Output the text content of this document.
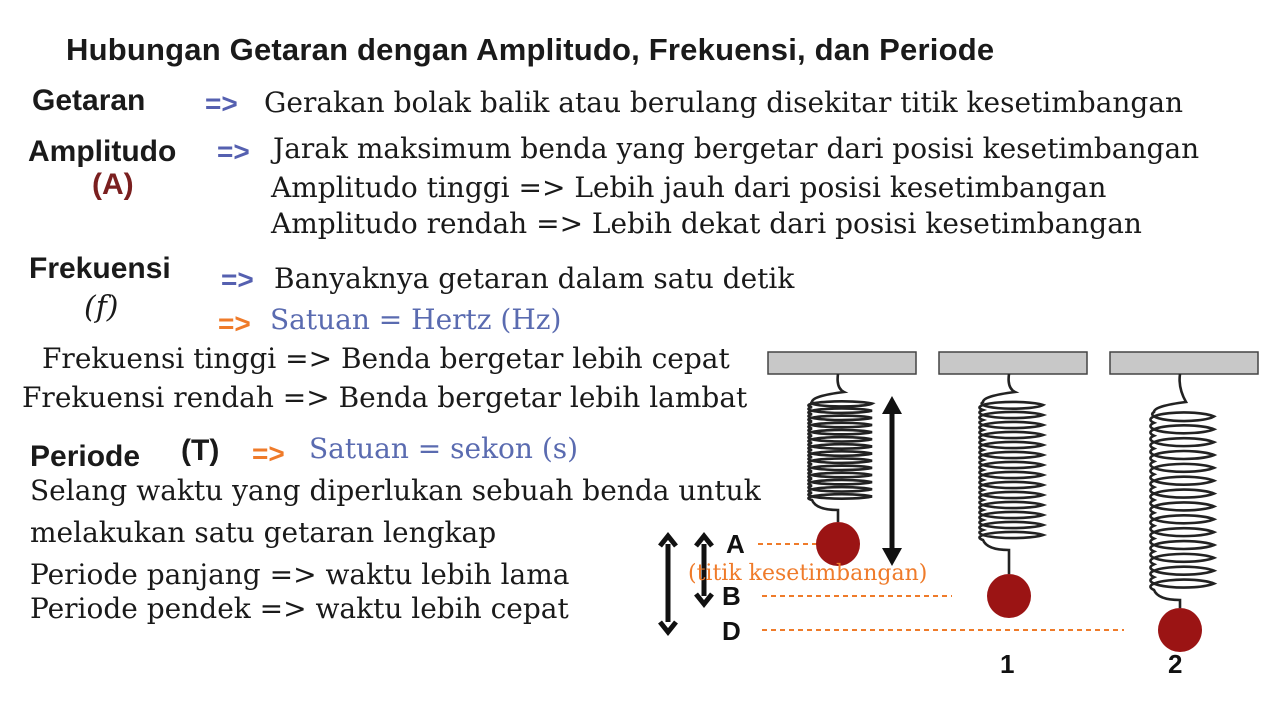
Hubungan Getaran dengan Amplitudo, Frekuensi, dan Periode
Getaran => Gerakan bolak balik atau berulang disekitar titik kesetimbangan
Amplitudo
(A)
=> Jarak maksimum benda yang bergetar dari posisi kesetimbangan
Amplitudo tinggi => Lebih jauh dari posisi kesetimbangan
Amplitudo rendah => Lebih dekat dari posisi kesetimbangan
Frekuensi
(f)
=> Banyaknya getaran dalam satu detik
=> Satuan = Hertz (Hz)
Frekuensi tinggi => Benda bergetar lebih cepat
Frekuensi rendah => Benda bergetar lebih lambat
Periode (T) => Satuan = sekon (s)
Selang waktu yang diperlukan sebuah benda untuk
melakukan satu getaran lengkap
Periode panjang => waktu lebih lama
Periode pendek => waktu lebih cepat
A
B
D
(titik kesetimbangan)
1	2
